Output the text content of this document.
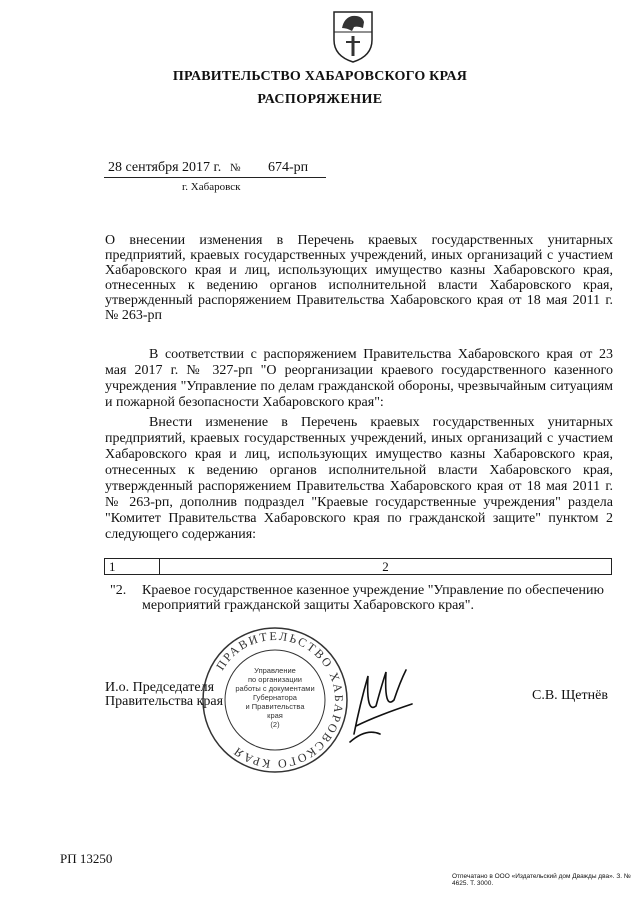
ПРАВИТЕЛЬСТВО ХАБАРОВСКОГО КРАЯ
РАСПОРЯЖЕНИЕ
28 сентября 2017 г. № 674-рп
г. Хабаровск
О внесении изменения в Перечень краевых государственных унитарных предприятий, краевых государственных учреждений, иных организаций с участием Хабаровского края и лиц, использующих имущество казны Хабаровского края, отнесенных к ведению органов исполнительной власти Хабаровского края, утвержденный распоряжением Правительства Хабаровского края от 18 мая 2011 г. № 263-рп
В соответствии с распоряжением Правительства Хабаровского края от 23 мая 2017 г. № 327-рп "О реорганизации краевого государственного казенного учреждения "Управление по делам гражданской обороны, чрезвычайным ситуациям и пожарной безопасности Хабаровского края":
Внести изменение в Перечень краевых государственных унитарных предприятий, краевых государственных учреждений, иных организаций с участием Хабаровского края и лиц, использующих имущество казны Хабаровского края, отнесенных к ведению органов исполнительной власти Хабаровского края, утвержденный распоряжением Правительства Хабаровского края от 18 мая 2011 г. № 263-рп, дополнив подраздел "Краевые государственные учреждения" раздела "Комитет Правительства Хабаровского края по гражданской защите" пунктом 2 следующего содержания:
1	2
"2. Краевое государственное казенное учреждение "Управление по обеспечению мероприятий гражданской защиты Хабаровского края".
ПРАВИТЕЛЬСТВО ХАБАРОВСКОГО КРАЯ
Управление
по организации
работы с документами
Губернатора
и Правительства
края
(2)
И.о. Председателя
Правительства края	С.В. Щетнёв
РП 13250
Отпечатано в ООО «Издательский дом Дважды два». З. № 4625. Т. 3000.
